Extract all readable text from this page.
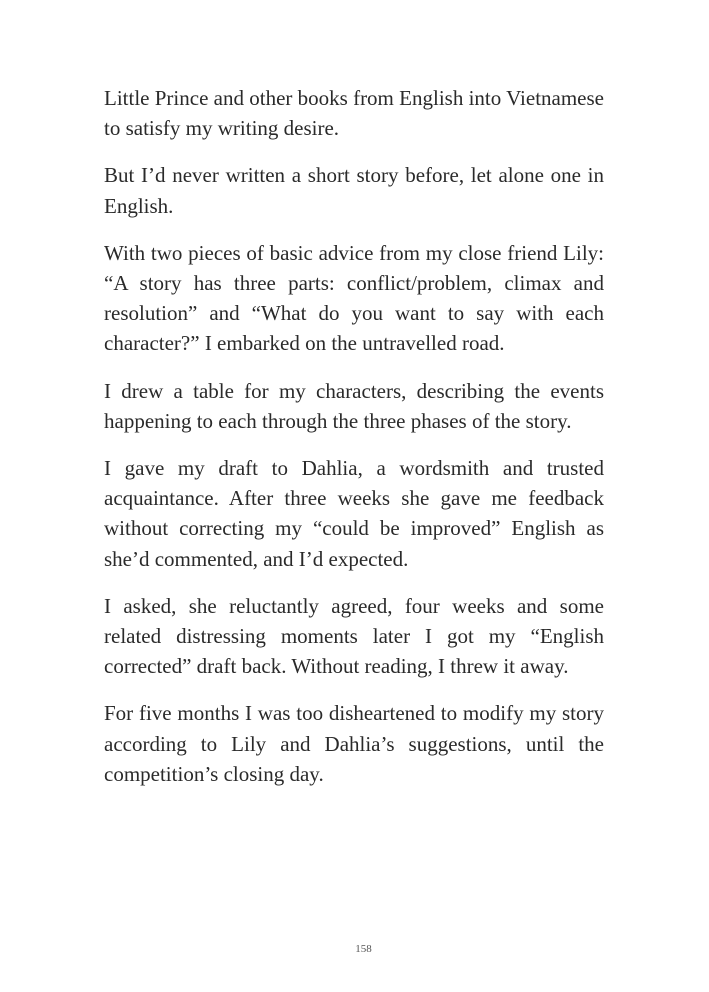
Little Prince and other books from English into Vietnamese to satisfy my writing desire.

But I’d never written a short story before, let alone one in English.

With two pieces of basic advice from my close friend Lily: “A story has three parts: conflict/problem, climax and resolution” and “What do you want to say with each character?” I embarked on the untravelled road.

I drew a table for my characters, describing the events happening to each through the three phases of the story.

I gave my draft to Dahlia, a wordsmith and trusted acquaintance. After three weeks she gave me feedback without correcting my “could be improved” English as she’d commented, and I’d expected.

I asked, she reluctantly agreed, four weeks and some related distressing moments later I got my “English corrected” draft back. Without reading, I threw it away.

For five months I was too disheartened to modify my story according to Lily and Dahlia’s suggestions, until the competition’s closing day.

158
